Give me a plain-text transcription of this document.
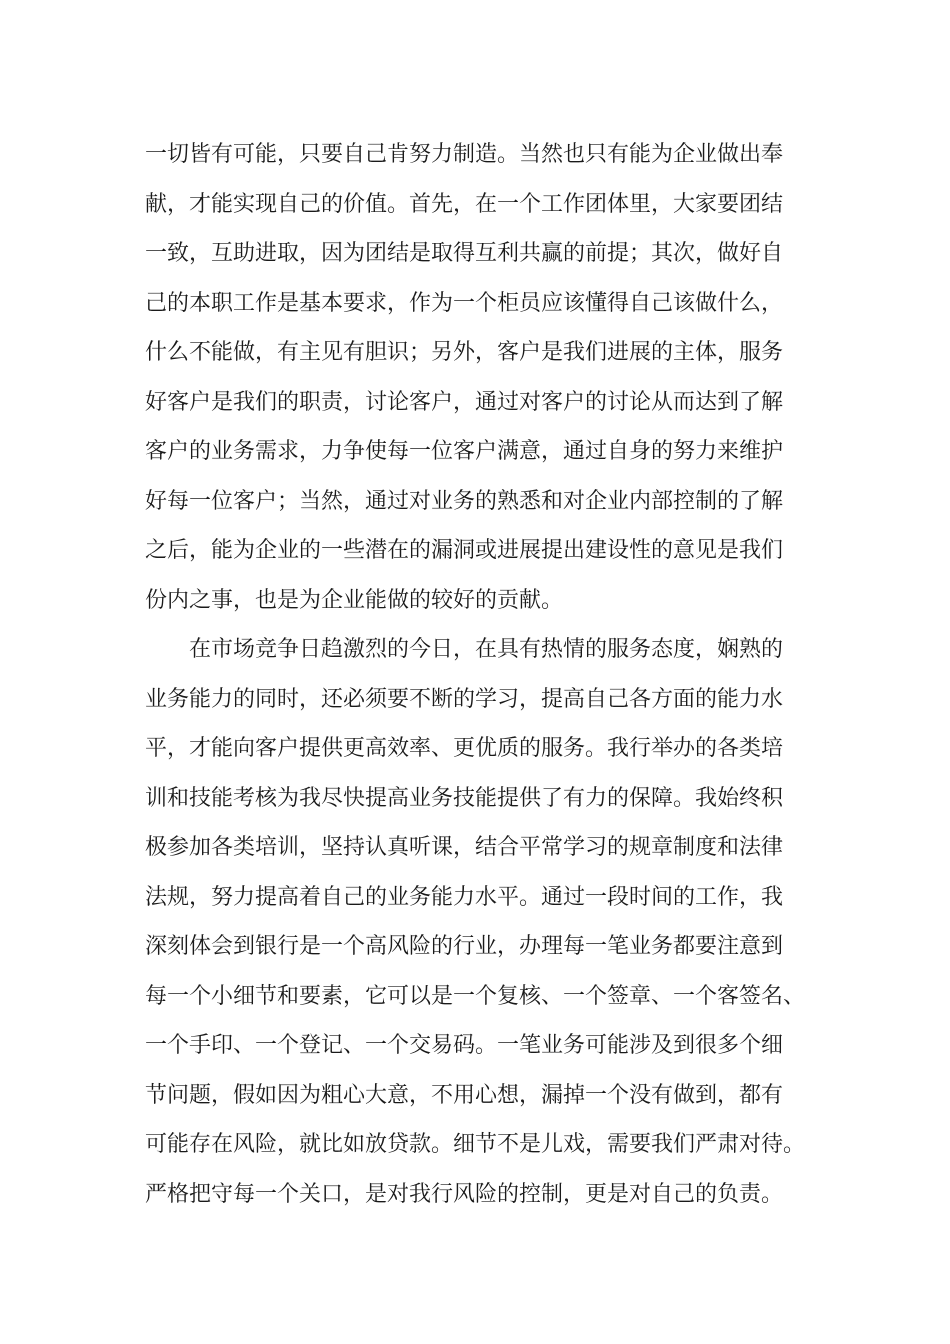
一切皆有可能，只要自己肯努力制造。当然也只有能为企业做出奉
献，才能实现自己的价值。首先，在一个工作团体里，大家要团结
一致，互助进取，因为团结是取得互利共赢的前提；其次，做好自
己的本职工作是基本要求，作为一个柜员应该懂得自己该做什么，
什么不能做，有主见有胆识；另外，客户是我们进展的主体，服务
好客户是我们的职责，讨论客户，通过对客户的讨论从而达到了解
客户的业务需求，力争使每一位客户满意，通过自身的努力来维护
好每一位客户；当然，通过对业务的熟悉和对企业内部控制的了解
之后，能为企业的一些潜在的漏洞或进展提出建设性的意见是我们
份内之事，也是为企业能做的较好的贡献。
在市场竞争日趋激烈的今日，在具有热情的服务态度，娴熟的
业务能力的同时，还必须要不断的学习，提高自己各方面的能力水
平，才能向客户提供更高效率、更优质的服务。我行举办的各类培
训和技能考核为我尽快提高业务技能提供了有力的保障。我始终积
极参加各类培训，坚持认真听课，结合平常学习的规章制度和法律
法规，努力提高着自己的业务能力水平。通过一段时间的工作，我
深刻体会到银行是一个高风险的行业，办理每一笔业务都要注意到
每一个小细节和要素，它可以是一个复核、一个签章、一个客签名、
一个手印、一个登记、一个交易码。一笔业务可能涉及到很多个细
节问题，假如因为粗心大意，不用心想，漏掉一个没有做到，都有
可能存在风险，就比如放贷款。细节不是儿戏，需要我们严肃对待。
严格把守每一个关口，是对我行风险的控制，更是对自己的负责。
